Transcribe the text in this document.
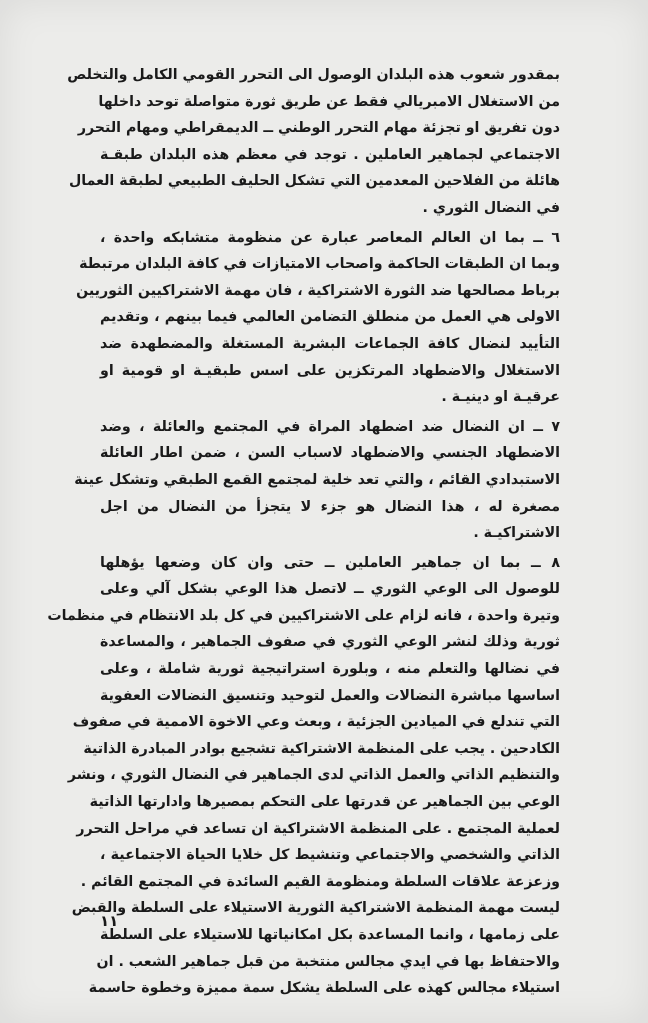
بمقدور شعوب هذه البلدان الوصول الى التحرر القومي الكامل والتخلص
من الاستغلال الامبريالي فقط عن طريق ثورة متواصلة توحد داخلها
دون تفريق او تجزئة مهام التحرر الوطني ــ الديمقراطي ومهام التحرر
الاجتماعي لجماهير العاملين . توجد في معظم هذه البلدان طبقـة
هائلة من الفلاحين المعدمين التي تشكل الحليف الطبيعي لطبقة العمال
في النضال الثوري .
٦ ــ بما ان العالم المعاصر عبارة عن منظومة متشابكه واحدة ،
وبما ان الطبقات الحاكمة واصحاب الامتيازات في كافة البلدان مرتبطة
برباط مصالحها ضد الثورة الاشتراكية ، فان مهمة الاشتراكيين الثوريين
الاولى هي العمل من منطلق التضامن العالمي فيما بينهم ، وتقديم
التأييد لنضال كافة الجماعات البشرية المستغلة والمضطهدة ضد
الاستغلال والاضطهاد المرتكزين على اسس طبقيـة او قومية او
عرقيـة او دينيـة .
٧ ــ ان النضال ضد اضطهاد المراة في المجتمع والعائلة ، وضد
الاضطهاد الجنسي والاضطهاد لاسباب السن ، ضمن اطار العائلة
الاستبدادي القائم ، والتي تعد خلية لمجتمع القمع الطبقي وتشكل عينة
مصغرة له ، هذا النضال هو جزء لا يتجزأ من النضال من اجل
الاشتراكيـة .
٨ ــ بما ان جماهير العاملين ــ حتى وان كان وضعها يؤهلها
للوصول الى الوعي الثوري ــ لاتصل هذا الوعي بشكل آلي وعلى
وتيرة واحدة ، فانه لزام على الاشتراكيين في كل بلد الانتظام في منظمات
ثورية وذلك لنشر الوعي الثوري في صفوف الجماهير ، والمساعدة
في نضالها والتعلم منه ، وبلورة استراتيجية ثورية شاملة ، وعلى
اساسها مباشرة النضالات والعمل لتوحيد وتنسيق النضالات العفوية
التي تندلع في الميادين الجزئية ، وبعث وعي الاخوة الاممية في صفوف
الكادحين . يجب على المنظمة الاشتراكية تشجيع بوادر المبادرة الذاتية
والتنظيم الذاتي والعمل الذاتي لدى الجماهير في النضال الثوري ، ونشر
الوعي بين الجماهير عن قدرتها على التحكم بمصيرها وادارتها الذاتية
لعملية المجتمع . على المنظمة الاشتراكية ان تساعد في مراحل التحرر
الذاتي والشخصي والاجتماعي وتنشيط كل خلايا الحياة الاجتماعية ،
وزعزعة علاقات السلطة ومنظومة القيم السائدة في المجتمع القائم .
ليست مهمة المنظمة الاشتراكية الثورية الاستيلاء على السلطة والقبض
على زمامها ، وانما المساعدة بكل امكانياتها للاستيلاء على السلطة
والاحتفاظ بها في ايدي مجالس منتخبة من قبل جماهير الشعب . ان
استيلاء مجالس كهذه على السلطة يشكل سمة مميزة وخطوة حاسمة
١١
